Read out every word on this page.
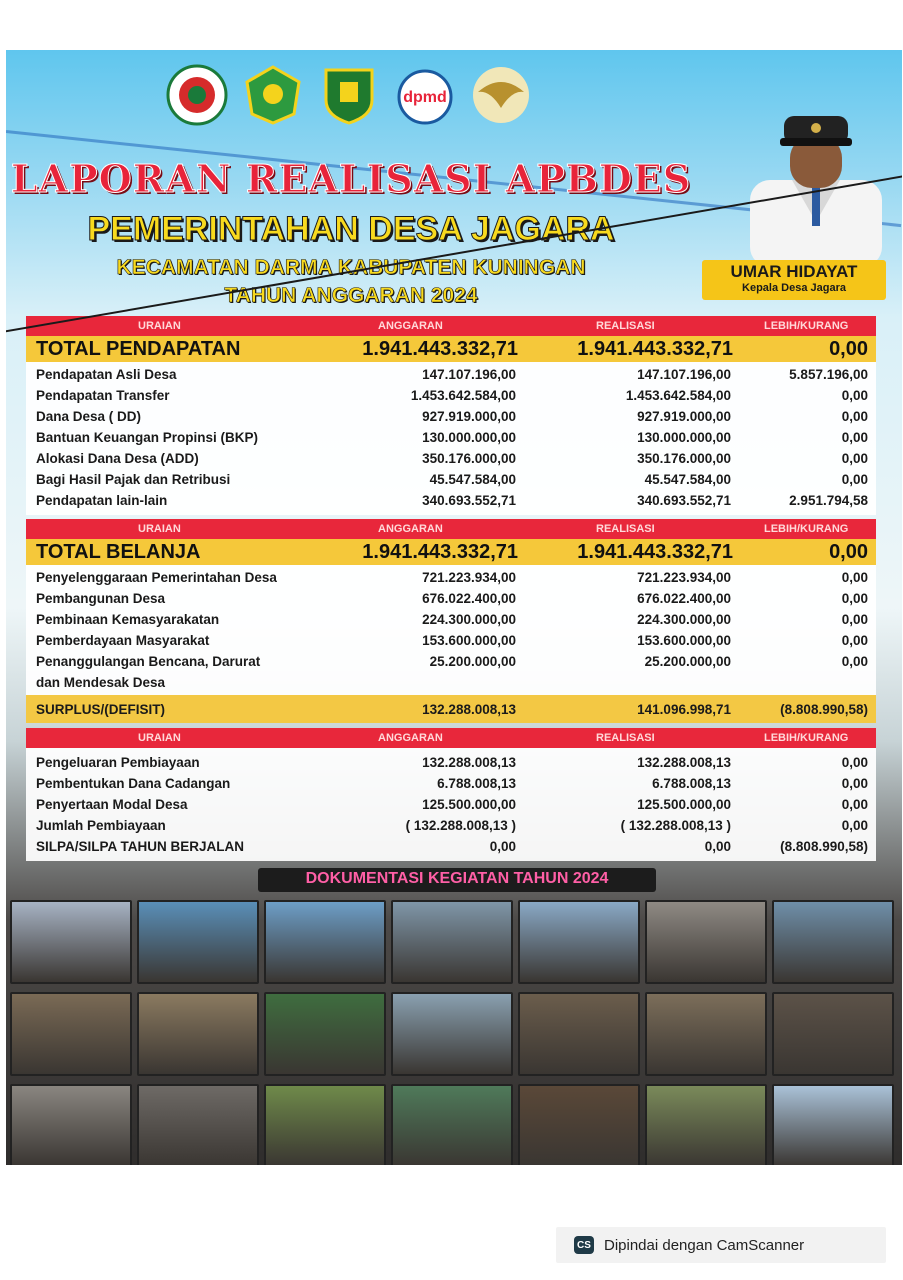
dpmd
LAPORAN REALISASI APBDES
PEMERINTAHAN DESA JAGARA
KECAMATAN DARMA KABUPATEN KUNINGAN
TAHUN ANGGARAN 2024
UMAR HIDAYAT
Kepala Desa Jagara
URAIAN	ANGGARAN	REALISASI	LEBIH/KURANG
TOTAL PENDAPATAN	1.941.443.332,71	1.941.443.332,71	0,00
Pendapatan Asli Desa	147.107.196,00	147.107.196,00	5.857.196,00
Pendapatan Transfer	1.453.642.584,00	1.453.642.584,00	0,00
Dana Desa ( DD)	927.919.000,00	927.919.000,00	0,00
Bantuan Keuangan Propinsi (BKP)	130.000.000,00	130.000.000,00	0,00
Alokasi Dana Desa (ADD)	350.176.000,00	350.176.000,00	0,00
Bagi Hasil Pajak dan Retribusi	45.547.584,00	45.547.584,00	0,00
Pendapatan lain-lain	340.693.552,71	340.693.552,71	2.951.794,58
URAIAN	ANGGARAN	REALISASI	LEBIH/KURANG
TOTAL BELANJA	1.941.443.332,71	1.941.443.332,71	0,00
Penyelenggaraan Pemerintahan Desa	721.223.934,00	721.223.934,00	0,00
Pembangunan Desa	676.022.400,00	676.022.400,00	0,00
Pembinaan Kemasyarakatan	224.300.000,00	224.300.000,00	0,00
Pemberdayaan Masyarakat	153.600.000,00	153.600.000,00	0,00
Penanggulangan Bencana, Darurat	25.200.000,00	25.200.000,00	0,00
dan Mendesak Desa
SURPLUS/(DEFISIT)	132.288.008,13	141.096.998,71	(8.808.990,58)
URAIAN	ANGGARAN	REALISASI	LEBIH/KURANG
Pengeluaran Pembiayaan	132.288.008,13	132.288.008,13	0,00
Pembentukan Dana Cadangan	6.788.008,13	6.788.008,13	0,00
Penyertaan Modal Desa	125.500.000,00	125.500.000,00	0,00
Jumlah Pembiayaan	( 132.288.008,13 )	( 132.288.008,13 )	0,00
SILPA/SILPA TAHUN BERJALAN	0,00	0,00	(8.808.990,58)
DOKUMENTASI KEGIATAN TAHUN 2024
CS Dipindai dengan CamScanner
